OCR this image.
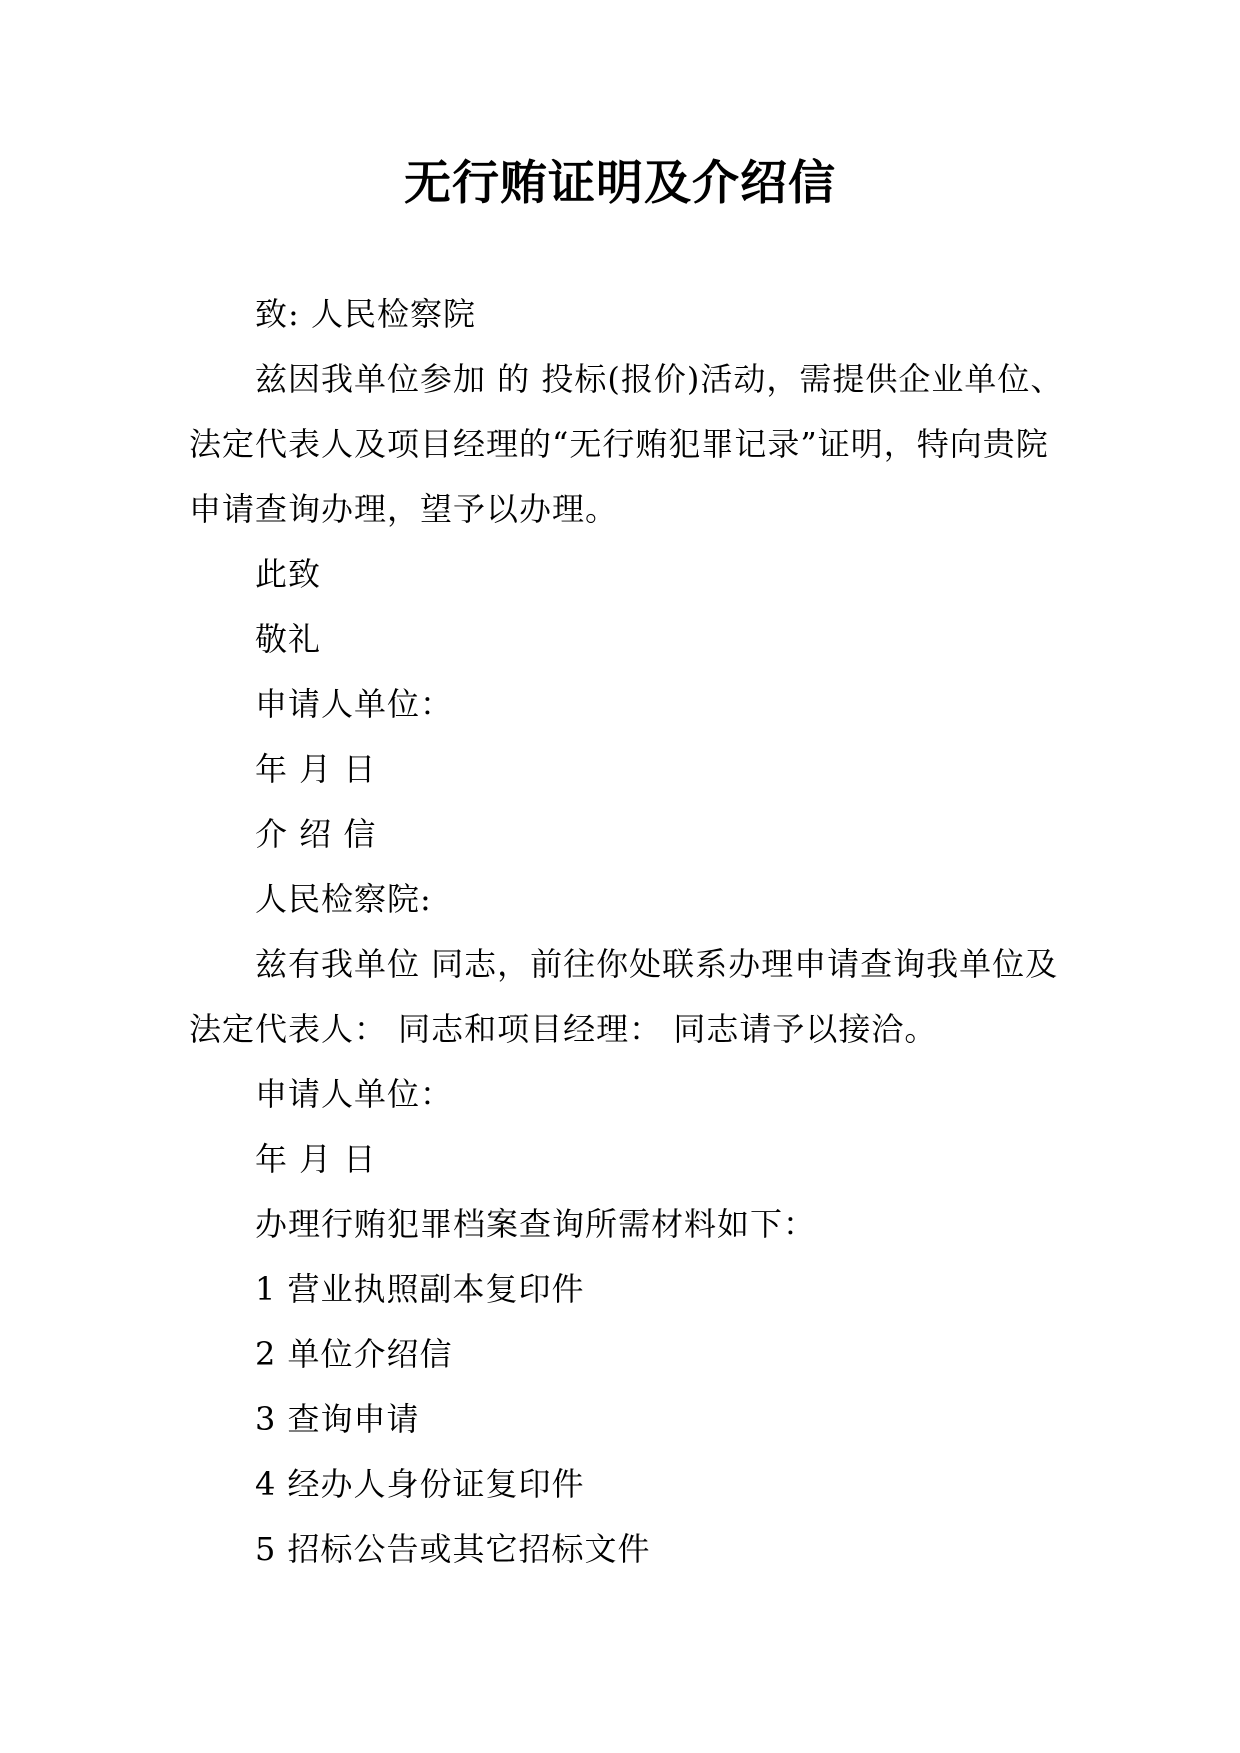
无行贿证明及介绍信

致: 人民检察院

兹因我单位参加 的 投标(报价)活动，需提供企业单位、法定代表人及项目经理的“无行贿犯罪记录”证明，特向贵院申请查询办理，望予以办理。

此致

敬礼

申请人单位：

年 月 日

介 绍 信

人民检察院:

兹有我单位 同志，前往你处联系办理申请查询我单位及法定代表人： 同志和项目经理： 同志请予以接洽。

申请人单位：

年 月 日

办理行贿犯罪档案查询所需材料如下：

1 营业执照副本复印件

2 单位介绍信

3 查询申请

4 经办人身份证复印件

5 招标公告或其它招标文件
